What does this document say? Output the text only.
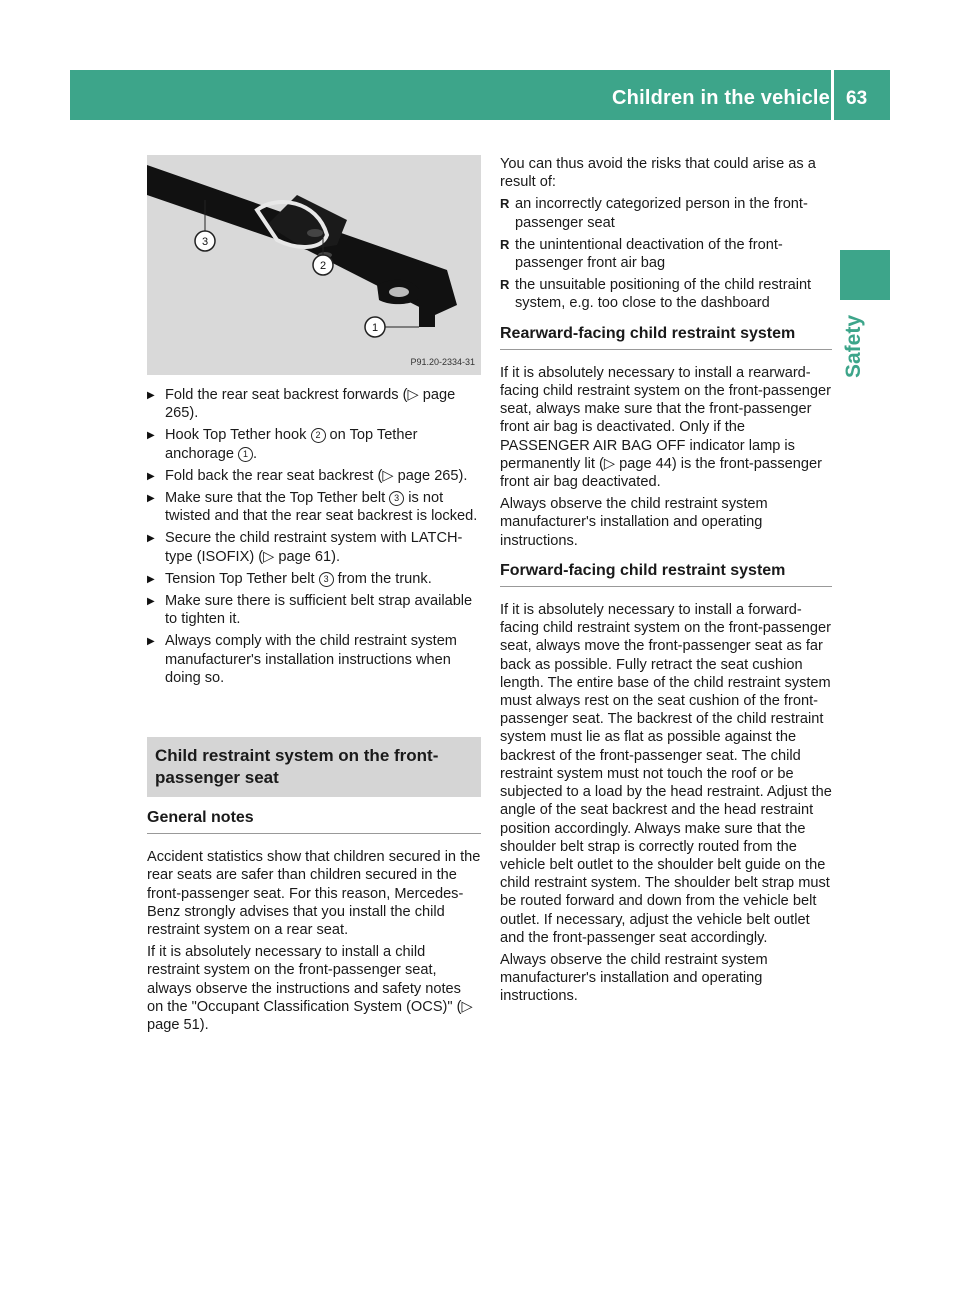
Children in the vehicle 63
Safety
3
2
1
P91.20-2334-31
▶ Fold the rear seat backrest forwards (▷ page 265).
▶ Hook Top Tether hook 2 on Top Tether anchorage 1 .
▶ Fold back the rear seat backrest (▷ page 265).
▶ Make sure that the Top Tether belt 3 is not twisted and that the rear seat backrest is locked.
▶ Secure the child restraint system with LATCH-type (ISOFIX) (▷ page 61).
▶ Tension Top Tether belt 3 from the trunk.
▶ Make sure there is sufficient belt strap available to tighten it.
▶ Always comply with the child restraint system manufacturer's installation instructions when doing so.
Child restraint system on the front-
passenger seat
General notes

Accident statistics show that children secured in the rear seats are safer than children secured in the front-passenger seat. For this reason, Mercedes-Benz strongly advises that you install the child restraint system on a rear seat.

If it is absolutely necessary to install a child restraint system on the front-passenger seat, always observe the instructions and safety notes on the "Occupant Classification System (OCS)" (▷ page 51).

You can thus avoid the risks that could arise as a result of:

R an incorrectly categorized person in the front-passenger seat
R the unintentional deactivation of the front-passenger front air bag
R the unsuitable positioning of the child restraint system, e.g. too close to the dashboard
Rearward-facing child restraint system

If it is absolutely necessary to install a rearward-facing child restraint system on the front-passenger seat, always make sure that the front-passenger front air bag is deactivated. Only if the PASSENGER AIR BAG OFF indicator lamp is permanently lit (▷ page 44) is the front-passenger front air bag deactivated.

Always observe the child restraint system manufacturer's installation and operating instructions.

Forward-facing child restraint system

If it is absolutely necessary to install a forward-facing child restraint system on the front-passenger seat, always move the front-passenger seat as far back as possible. Fully retract the seat cushion length. The entire base of the child restraint system must always rest on the seat cushion of the front-passenger seat. The backrest of the child restraint system must lie as flat as possible against the backrest of the front-passenger seat. The child restraint system must not touch the roof or be subjected to a load by the head restraint. Adjust the angle of the seat backrest and the head restraint position accordingly. Always make sure that the shoulder belt strap is correctly routed from the vehicle belt outlet to the shoulder belt guide on the child restraint system. The shoulder belt strap must be routed forward and down from the vehicle belt outlet. If necessary, adjust the vehicle belt outlet and the front-passenger seat accordingly.

Always observe the child restraint system manufacturer's installation and operating instructions.
